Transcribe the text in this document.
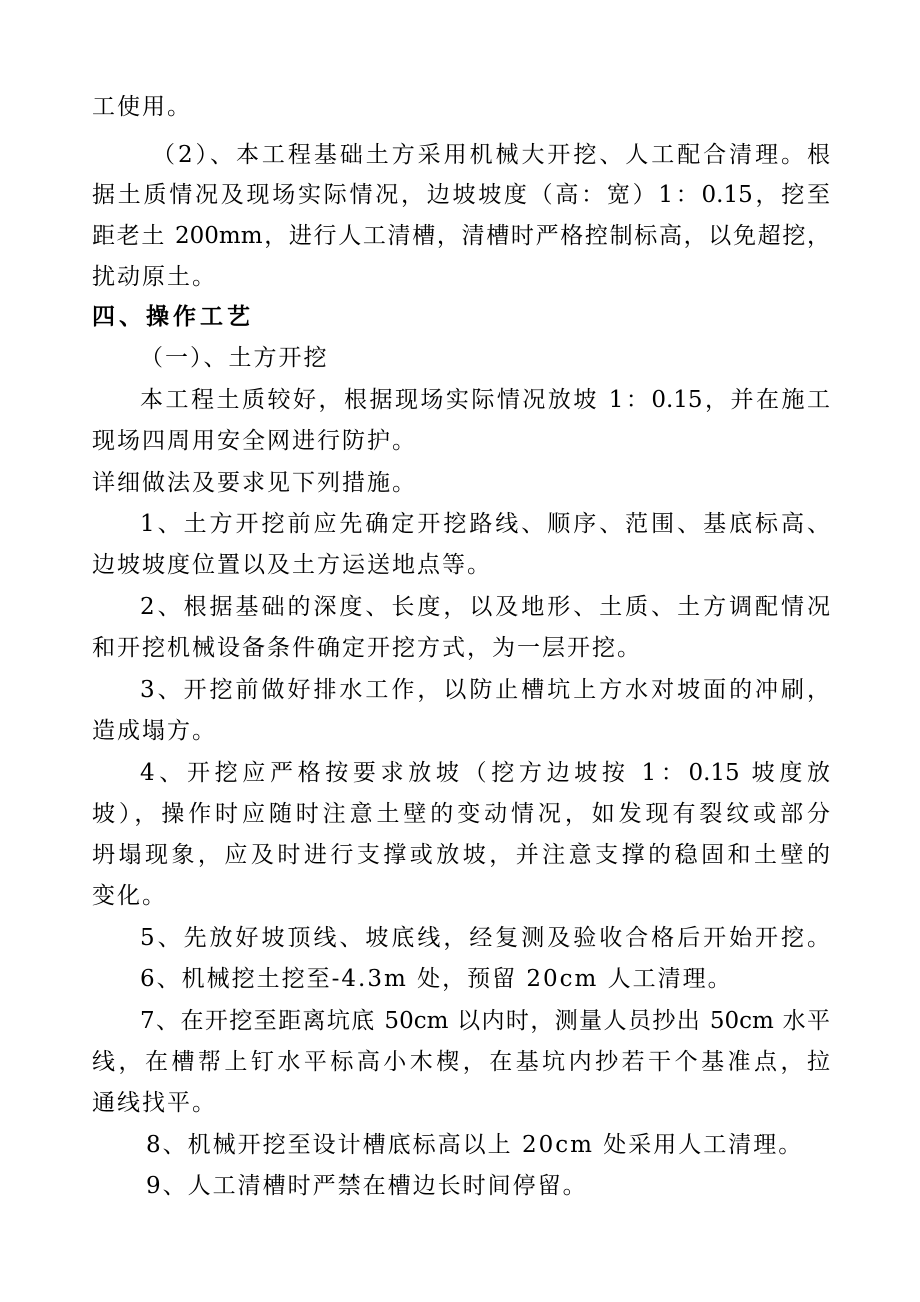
工使用。
（2）、本工程基础土方采用机械大开挖、人工配合清理。根
据土质情况及现场实际情况，边坡坡度（高：宽）1：0.15，挖至
距老土 200mm，进行人工清槽，清槽时严格控制标高，以免超挖，
扰动原土。
四、操作工艺
（一）、土方开挖
本工程土质较好，根据现场实际情况放坡 1：0.15，并在施工
现场四周用安全网进行防护。
详细做法及要求见下列措施。
1、土方开挖前应先确定开挖路线、顺序、范围、基底标高、
边坡坡度位置以及土方运送地点等。
2、根据基础的深度、长度，以及地形、土质、土方调配情况
和开挖机械设备条件确定开挖方式，为一层开挖。
3、开挖前做好排水工作，以防止槽坑上方水对坡面的冲刷，
造成塌方。
4、开挖应严格按要求放坡（挖方边坡按 1：0.15 坡度放
坡），操作时应随时注意土壁的变动情况，如发现有裂纹或部分
坍塌现象，应及时进行支撑或放坡，并注意支撑的稳固和土壁的
变化。
5、先放好坡顶线、坡底线，经复测及验收合格后开始开挖。
6、机械挖土挖至-4.3m 处，预留 20cm 人工清理。
7、在开挖至距离坑底 50cm 以内时，测量人员抄出 50cm 水平
线，在槽帮上钉水平标高小木楔，在基坑内抄若干个基准点，拉
通线找平。
8、机械开挖至设计槽底标高以上 20cm 处采用人工清理。
9、人工清槽时严禁在槽边长时间停留。
